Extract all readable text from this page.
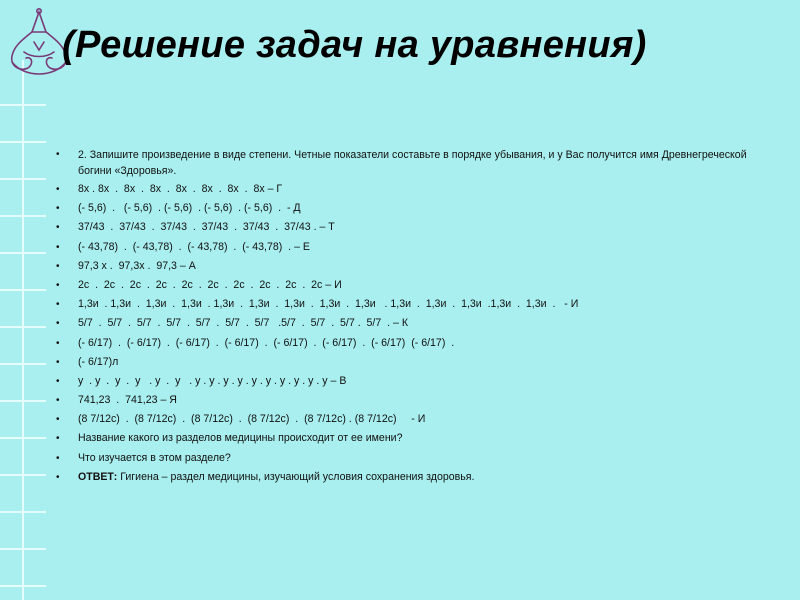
(Решение задач на уравнения)
• 2. Запишите произведение в виде степени. Четные показатели составьте в порядке убывания, и у Вас получится имя Древнегреческой богини «Здоровья».
• 8х . 8х  .  8х  .  8х  .  8х  .  8х  .  8х  .  8х – Г
• (- 5,6)  .   (- 5,6)  . (- 5,6)  . (- 5,6)  . (- 5,6)  .  - Д
• 37/43  .  37/43  .  37/43  .  37/43  .  37/43  .  37/43 . – Т
• (- 43,78)  .  (- 43,78)  .  (- 43,78)  .  (- 43,78)  . – Е
• 97,3 х .  97,3х .  97,3 – А
• 2с  .  2с  .  2с  .  2с  .  2с  .  2с  .  2с  .  2с  .  2с  .  2с – И
• 1,3и  . 1,3и  .  1,3и  .  1,3и  . 1,3и  .  1,3и  .  1,3и  .  1,3и  .  1,3и   . 1,3и  .  1,3и  .  1,3и  .1,3и  .  1,3и  .   - И
• 5/7  .  5/7  .  5/7  .  5/7  .  5/7  .  5/7  .  5/7   .5/7  .  5/7  .  5/7 .  5/7  . – К
• (- 6/17)  .  (- 6/17)  .  (- 6/17)  .  (- 6/17)  .  (- 6/17)  .  (- 6/17)  .  (- 6/17)  (- 6/17)  .
• (- 6/17)л
• у  . у  .  у  .  у   . у  .  у   . у . у . у . у . у . у . у . у . у . у – В
• 741,23  .  741,23 – Я
• (8 7/12с)  .  (8 7/12с)  .  (8 7/12с)  .  (8 7/12с)  .  (8 7/12с) . (8 7/12с)     - И
• Название какого из разделов медицины происходит от ее имени?
• Что изучается в этом разделе?
• ОТВЕТ: Гигиена – раздел медицины, изучающий условия сохранения здоровья.
